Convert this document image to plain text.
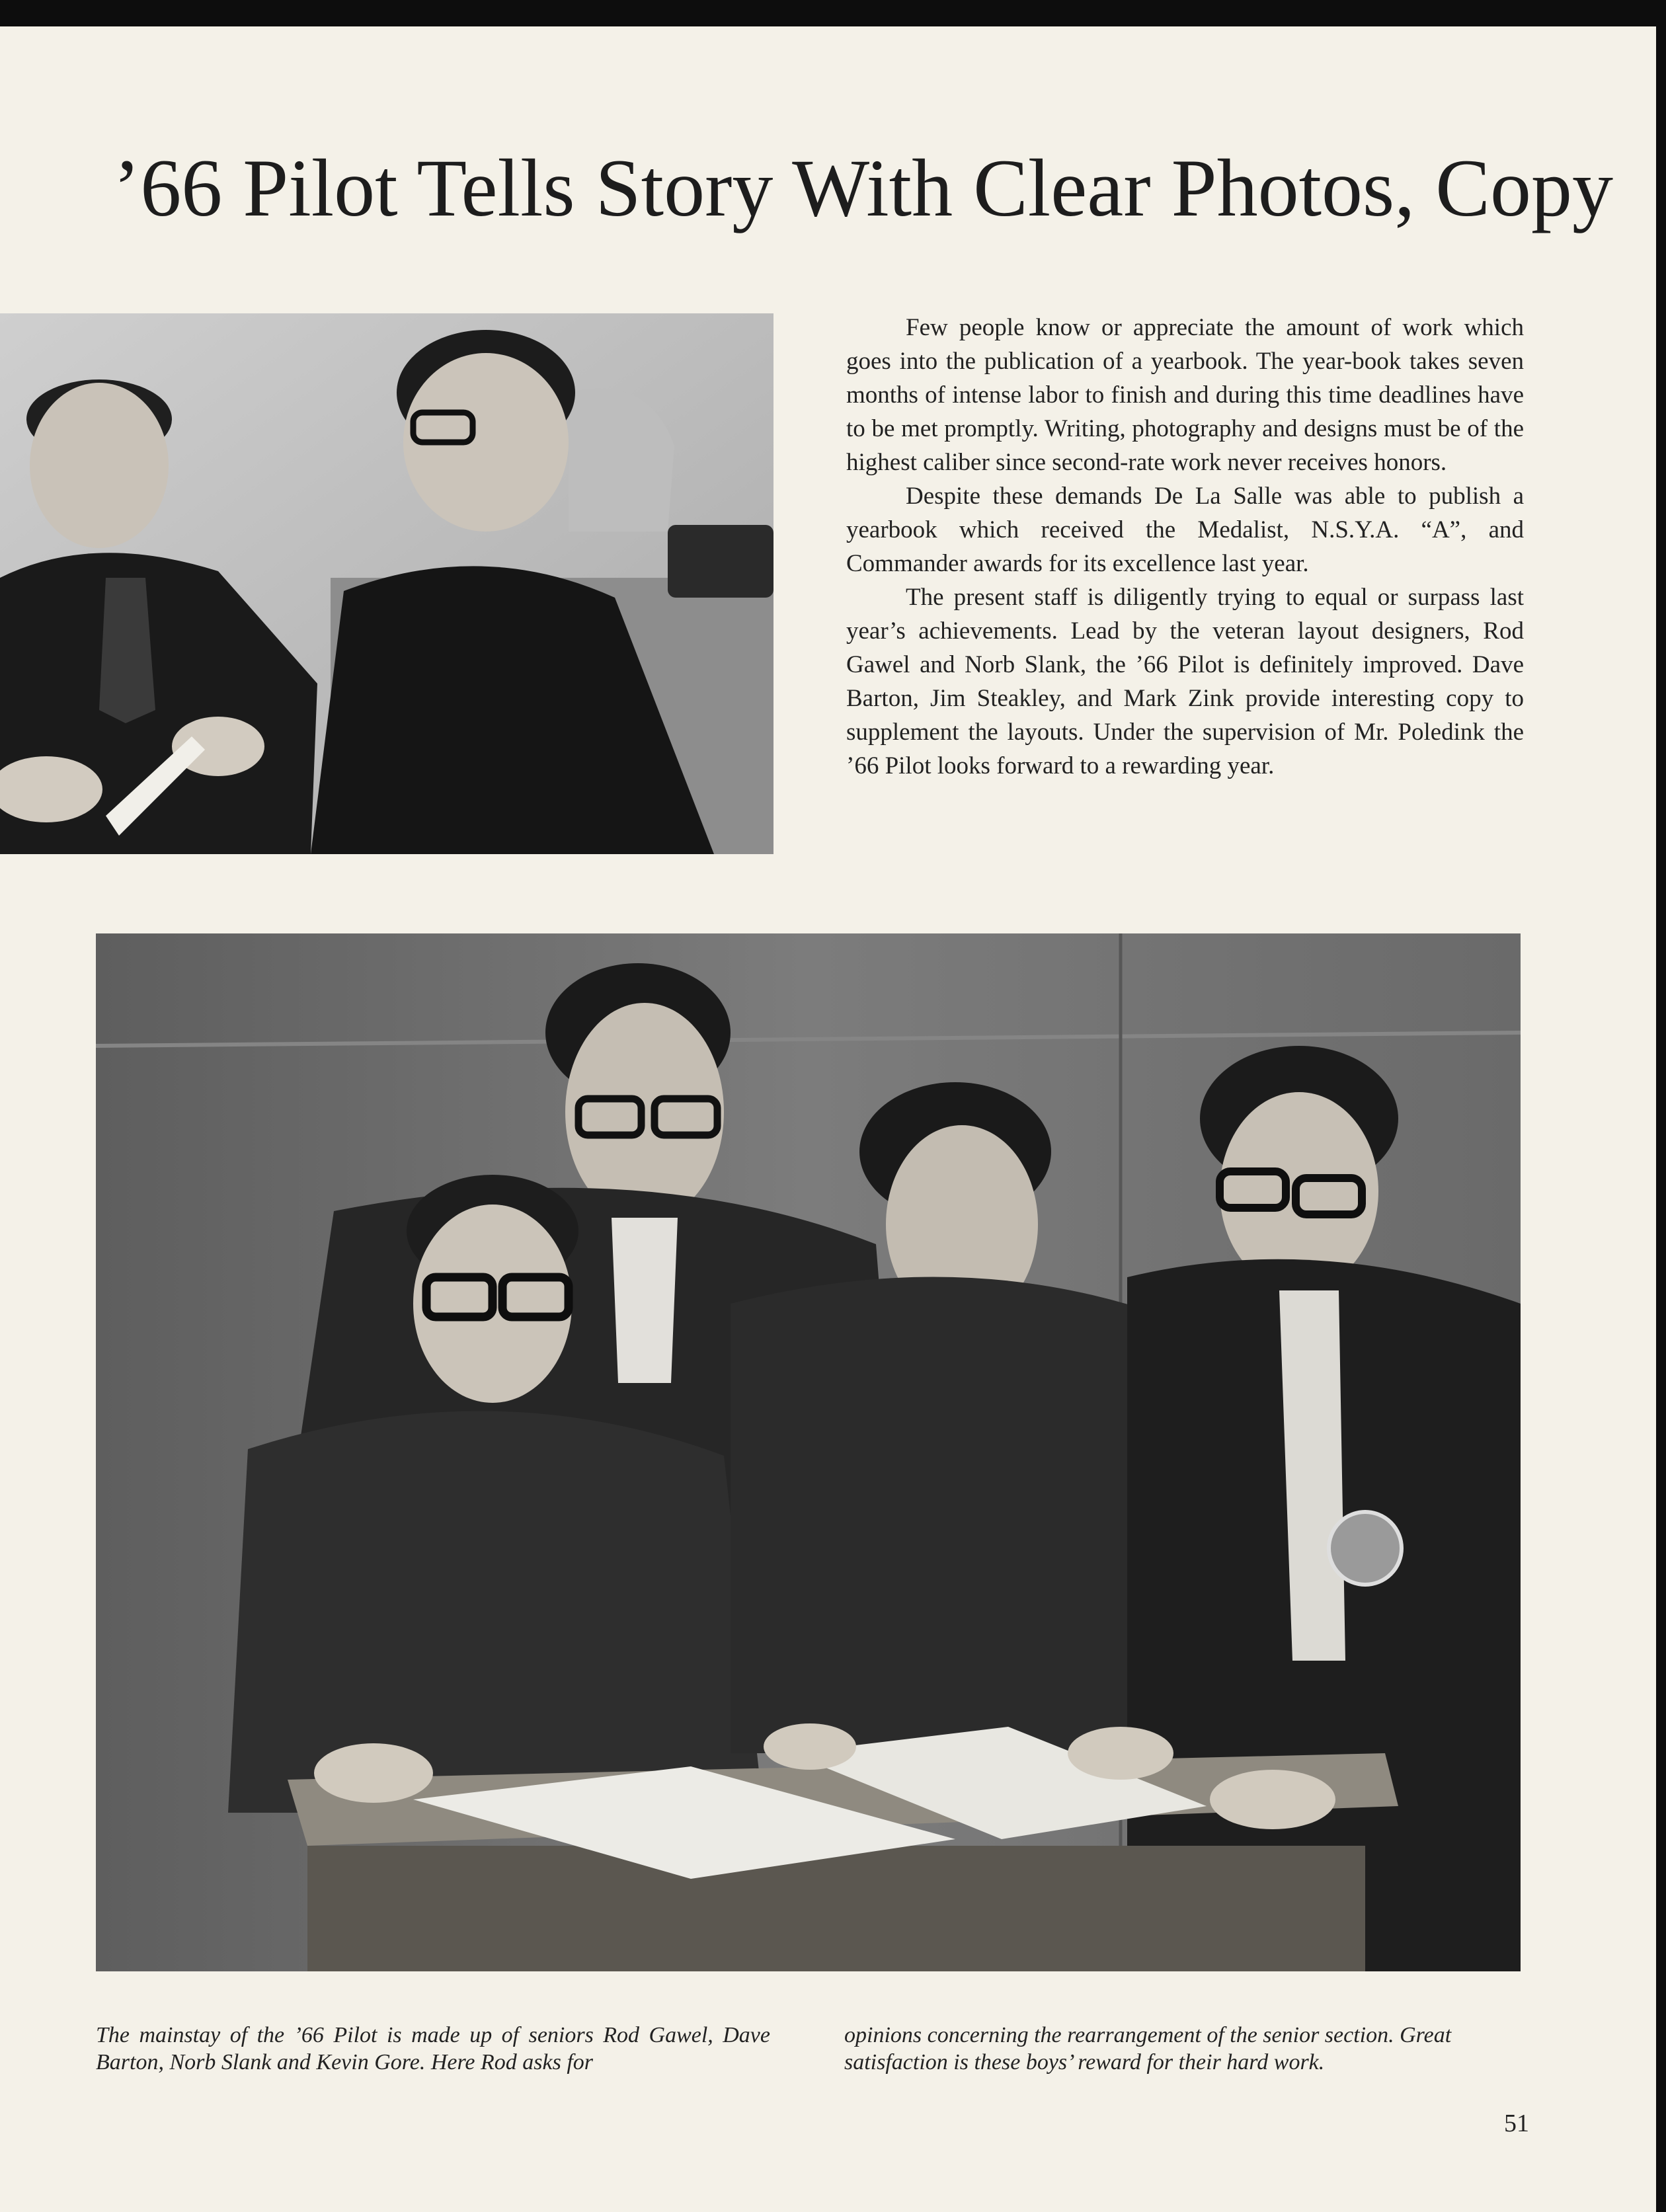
’66 Pilot Tells Story With Clear Photos, Copy

Few people know or appreciate the amount of work which goes into the publication of a yearbook. The year-book takes seven months of intense labor to finish and during this time deadlines have to be met promptly. Writing, photography and designs must be of the highest caliber since second-rate work never receives honors.

Despite these demands De La Salle was able to publish a yearbook which received the Medalist, N.S.Y.A. “A”, and Commander awards for its excellence last year.

The present staff is diligently trying to equal or surpass last year’s achievements. Lead by the veteran layout designers, Rod Gawel and Norb Slank, the ’66 Pilot is definitely improved. Dave Barton, Jim Steakley, and Mark Zink provide interesting copy to supplement the layouts. Under the supervision of Mr. Poledink the ’66 Pilot looks forward to a rewarding year.

The mainstay of the ’66 Pilot is made up of seniors Rod Gawel, Dave Barton, Norb Slank and Kevin Gore. Here Rod asks for
opinions concerning the rearrangement of the senior section. Great satisfaction is these boys’ reward for their hard work.
51
